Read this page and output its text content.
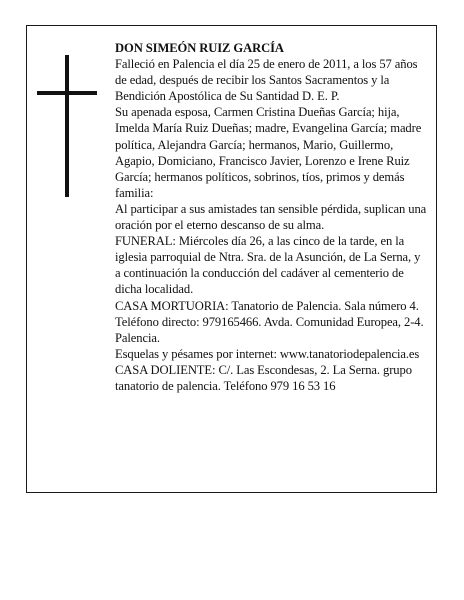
DON SIMEÓN RUIZ GARCÍA

Falleció en Palencia el día 25 de enero de 2011, a los 57 años de edad, después de recibir los Santos Sacramentos y la Bendición Apostólica de Su Santidad D. E. P.

Su apenada esposa, Carmen Cristina Dueñas García; hija, Imelda María Ruiz Dueñas; madre, Evangelina García; madre política, Alejandra García; hermanos, Mario, Guillermo, Agapio, Domiciano, Francisco Javier, Lorenzo e Irene Ruiz García; hermanos políticos, sobrinos, tíos, primos y demás familia:

Al participar a sus amistades tan sensible pérdida, suplican una oración por el eterno descanso de su alma.

FUNERAL: Miércoles día 26, a las cinco de la tarde, en la iglesia parroquial de Ntra. Sra. de la Asunción, de La Serna, y a continuación la conducción del cadáver al cementerio de dicha localidad.

CASA MORTUORIA: Tanatorio de Palencia. Sala número 4. Teléfono directo: 979165466. Avda. Comunidad Europea, 2-4. Palencia.

Esquelas y pésames por internet: www.tanatoriodepalencia.es

CASA DOLIENTE: C/. Las Escondesas, 2. La Serna. grupo tanatorio de palencia. Teléfono 979 16 53 16
